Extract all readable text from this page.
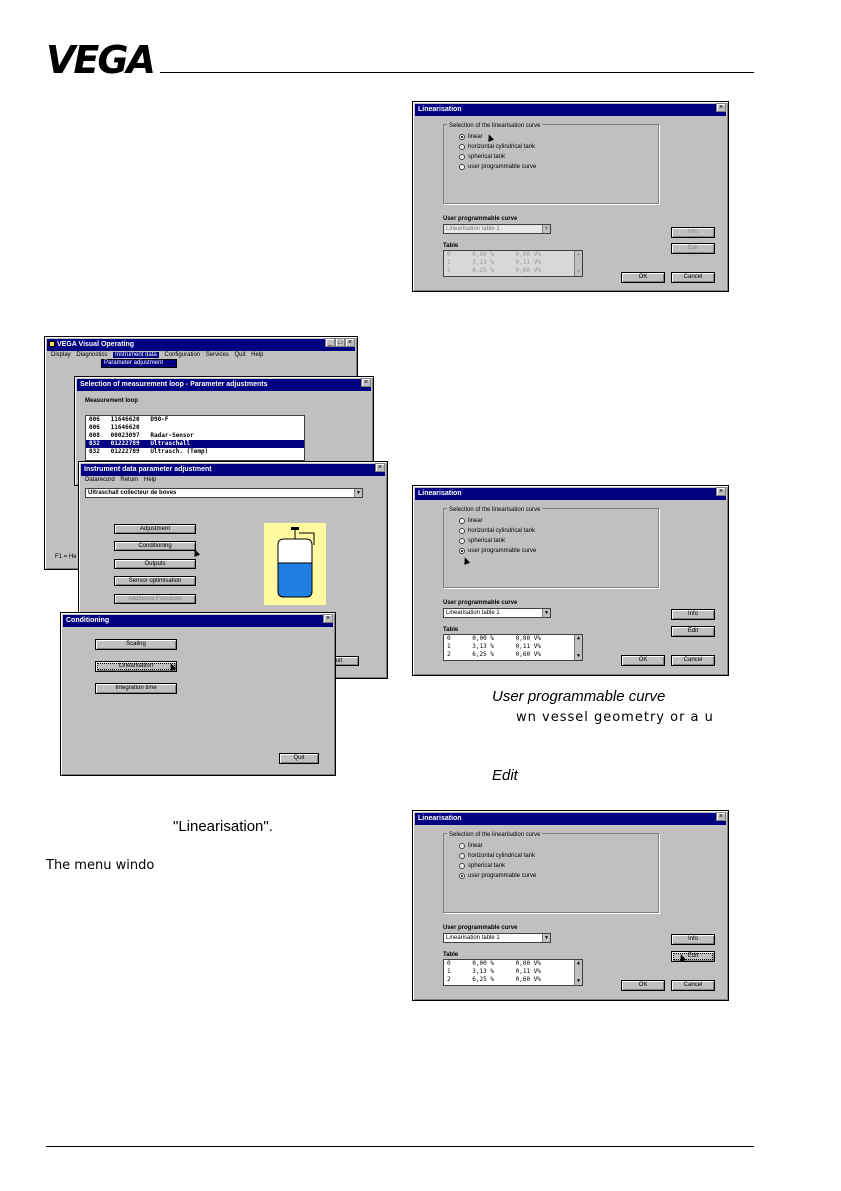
VEGA
Linearisation	×
Selection of the linearisation curve
linear
horizontal cylindrical tank
spherical tank
user programmable curve
User programmable curve
Linearisation table 1	▼
Table
0      0,00 %      0,00 V%
1      3,13 %      0,11 V%
2      6,25 %      0,60 V%
▲
▼
Info
Edit
OK	Cancel
VEGA Visual Operating	×
□
_
Display Diagnostics Instrument data Configuration Services Quit Help
Parameter adjustment
F1 = He
Selection of measurement loop - Parameter adjustments	×
Measurement loop
006   11646620   D90-F
006   11646620
008   00023097   Radar-Sensor
032   01222789   Ultraschall
032   01222789   Ultrasch. (Temp)
Instrument data parameter adjustment	×
Datarecord Return Help
Ultraschall collecteur de boves	▼
Adjustment
Conditioning
Outputs
Sensor optimisation
Additional Functions
uit
Conditioning	×
Scaling
Linearisation
Integration time
Quit
Linearisation	×
Selection of the linearisation curve
linear
horizontal cylindrical tank
spherical tank
user programmable curve
User programmable curve
Linearisation table 1	▼
Table
0      0,00 %      0,00 V%
1      3,13 %      0,11 V%
2      6,25 %      0,60 V%
▲
▼
Info
Edit
OK	Cancel
User programmable curve
wn vessel geometry or a u
Edit
"Linearisation".
The menu windo
Linearisation	×
Selection of the linearisation curve
linear
horizontal cylindrical tank
spherical tank
user programmable curve
User programmable curve
Linearisation table 1	▼
Table
0      0,00 %      0,00 V%
1      3,13 %      0,11 V%
2      6,25 %      0,60 V%
▲
▼
Info
Edit
OK	Cancel
